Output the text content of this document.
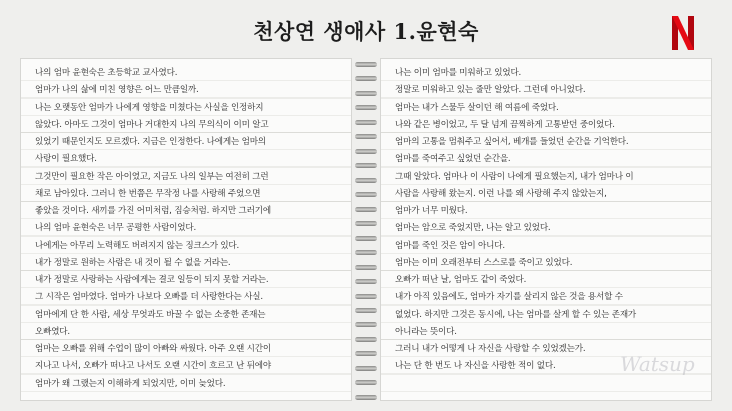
천상연 생애사 1.윤현숙
나의 엄마 윤현숙은 초등학교 교사였다.
엄마가 나의 삶에 미친 영향은 어느 만큼일까.
나는 오랫동안 엄마가 나에게 영향을 미쳤다는 사실을 인정하지
않았다. 아마도 그것이 엄마나 거대한지 나의 무의식이 이미 알고
있었기 때문인지도 모르겠다. 지금은 인정한다. 나에게는 엄마의
사랑이 필요했다.
그것만이 필요한 작은 아이였고, 지금도 나의 일부는 여전히 그런
채로 남아있다. 그러니 한 번쯤은 무작정 나를 사랑해 주었으면
좋았을 것이다. 새끼를 가진 어미처럼, 짐승처럼. 하지만 그러기에
나의 엄마 윤현숙은 너무 공평한 사람이었다.
나에게는 아무리 노력해도 버려지지 않는 징크스가 있다.
내가 정말로 원하는 사람은 내 것이 될 수 없을 거라는.
내가 정말로 사랑하는 사람에게는 결코 일등이 되지 못할 거라는.
그 시작은 엄마였다. 엄마가 나보다 오빠를 더 사랑한다는 사실.
엄마에게 단 한 사람, 세상 무엇과도 바꿀 수 없는 소중한 존재는
오빠였다.
엄마는 오빠를 위해 수업이 많이 아빠와 싸웠다. 아주 오랜 시간이
지나고 나서, 오빠가 떠나고 나서도 오랜 시간이 흐르고 난 뒤에야
엄마가 왜 그랬는지 이해하게 되었지만, 이미 늦었다.
나는 이미 엄마를 미워하고 있었다.
정말로 미워하고 있는 줄만 알았다. 그런데 아니었다.
엄마는 내가 스물두 살이던 해 여름에 죽었다.
나와 같은 병이었고, 두 달 넘게 끔찍하게 고통받던 중이었다.
엄마의 고통을 멈춰주고 싶어서, 베개를 들었던 순간을 기억한다.
엄마를 죽여주고 싶었던 순간을.
그때 알았다. 엄마나 이 사람이 나에게 필요했는지, 내가 엄마나 이
사람을 사랑해 왔는지. 이런 나를 왜 사랑해 주지 않았는지,
엄마가 너무 미웠다.
엄마는 암으로 죽었지만, 나는 알고 있었다.
엄마를 죽인 것은 암이 아니다.
엄마는 이미 오래전부터 스스로를 죽이고 있었다.
오빠가 떠난 날, 엄마도 같이 죽었다.
내가 아직 있음에도, 엄마가 자기를 살리지 않은 것을 용서할 수
없었다. 하지만 그것은 동시에, 나는 엄마를 살게 할 수 있는 존재가
아니라는 뜻이다.
그러니 내가 어떻게 나 자신을 사랑할 수 있었겠는가.
나는 단 한 번도 나 자신을 사랑한 적이 없다.	Watsup
